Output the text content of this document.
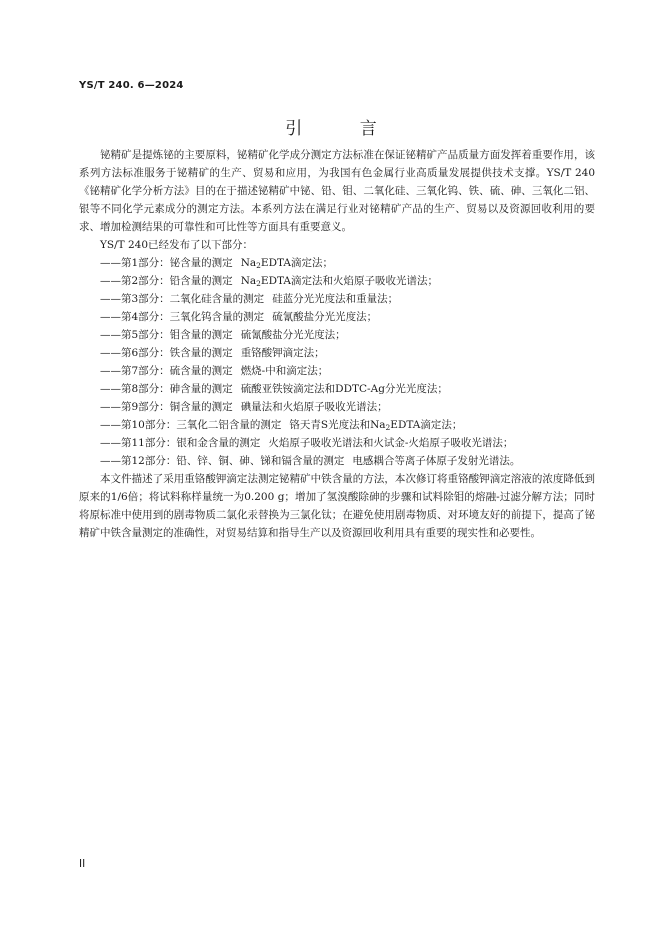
YS/T 240. 6—2024
引 言

铋精矿是提炼铋的主要原料，铋精矿化学成分测定方法标准在保证铋精矿产品质量方面发挥着重要作用，该系列方法标准服务于铋精矿的生产、贸易和应用，为我国有色金属行业高质量发展提供技术支撑。YS/T 240《铋精矿化学分析方法》目的在于描述铋精矿中铋、铅、钼、二氧化硅、三氧化钨、铁、硫、砷、三氧化二铝、银等不同化学元素成分的测定方法。本系列方法在满足行业对铋精矿产品的生产、贸易以及资源回收利用的要求、增加检测结果的可靠性和可比性等方面具有重要意义。

YS/T 240已经发布了以下部分：

——第1部分：铋含量的测定 $Na_2EDTA$滴定法；
——第2部分：铅含量的测定 $Na_2EDTA$滴定法和火焰原子吸收光谱法；
——第3部分：二氧化硅含量的测定 硅蓝分光光度法和重量法；
——第4部分：三氧化钨含量的测定 硫氰酸盐分光光度法；
——第5部分：钼含量的测定 硫氰酸盐分光光度法；
——第6部分：铁含量的测定 重铬酸钾滴定法；
——第7部分：硫含量的测定 燃烧-中和滴定法；
——第8部分：砷含量的测定 硫酸亚铁铵滴定法和DDTC-Ag分光光度法；
——第9部分：铜含量的测定 碘量法和火焰原子吸收光谱法；
——第10部分：三氧化二铝含量的测定 铬天青S光度法和$Na_2EDTA$滴定法；
——第11部分：银和金含量的测定 火焰原子吸收光谱法和火试金-火焰原子吸收光谱法；
——第12部分：铅、锌、铜、砷、锑和镉含量的测定 电感耦合等离子体原子发射光谱法。

本文件描述了采用重铬酸钾滴定法测定铋精矿中铁含量的方法，本次修订将重铬酸钾滴定溶液的浓度降低到原来的1/6倍；将试料称样量统一为0.200 g；增加了氢溴酸除砷的步骤和试料除钼的熔融-过滤分解方法；同时将原标准中使用到的剧毒物质二氯化汞替换为三氯化钛；在避免使用剧毒物质、对环境友好的前提下，提高了铋精矿中铁含量测定的准确性，对贸易结算和指导生产以及资源回收利用具有重要的现实性和必要性。

II
